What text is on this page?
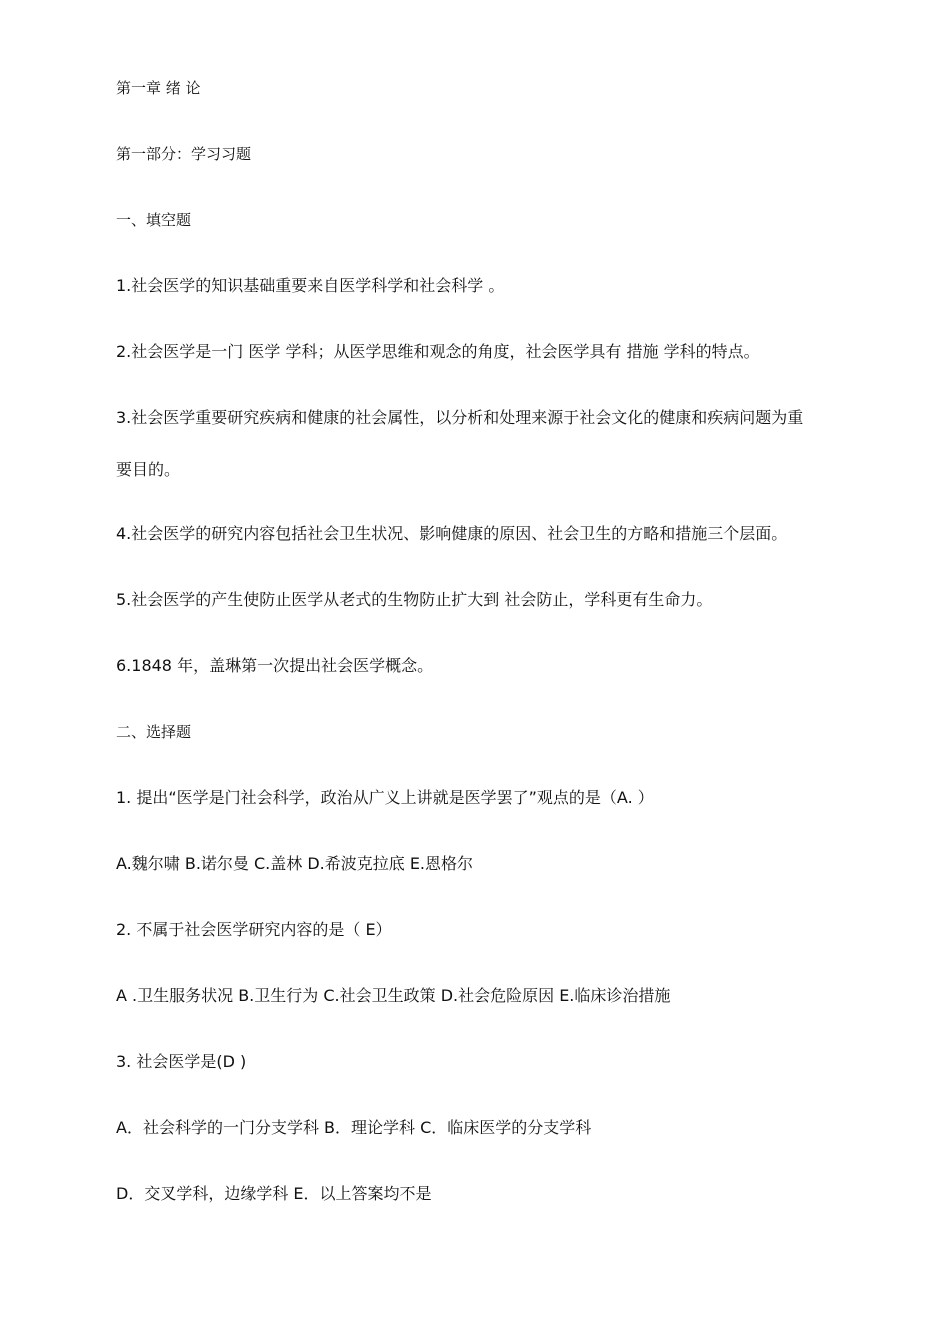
第一章 绪 论
第一部分：学习习题
一、填空题
1.社会医学的知识基础重要来自医学科学和社会科学 。
2.社会医学是一门 医学 学科；从医学思维和观念的角度，社会医学具有 措施 学科的特点。
3.社会医学重要研究疾病和健康的社会属性，以分析和处理来源于社会文化的健康和疾病问题为重
要目的。
4.社会医学的研究内容包括社会卫生状况、影响健康的原因、社会卫生的方略和措施三个层面。
5.社会医学的产生使防止医学从老式的生物防止扩大到 社会防止，学科更有生命力。
6.1848 年，盖琳第一次提出社会医学概念。
二、选择题
1. 提出“医学是门社会科学，政治从广义上讲就是医学罢了”观点的是（A. ）
A.魏尔啸 B.诺尔曼 C.盖林 D.希波克拉底 E.恩格尔
2. 不属于社会医学研究内容的是（ E）
A .卫生服务状况 B.卫生行为 C.社会卫生政策 D.社会危险原因 E.临床诊治措施
3. 社会医学是(D )
A．社会科学的一门分支学科 B．理论学科 C．临床医学的分支学科
D．交叉学科，边缘学科 E．以上答案均不是
